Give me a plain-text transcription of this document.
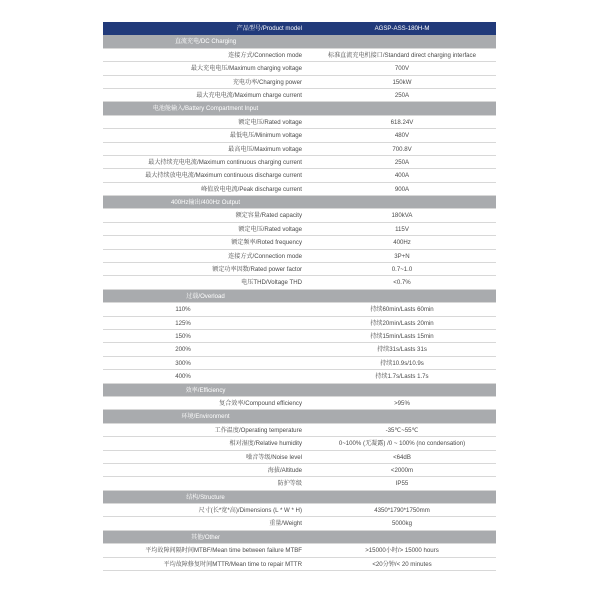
产品型号/Product model	AGSP-ASS-180H-M
直流充电/DC Charging
连接方式/Connection mode	标准直流充电机接口/Standard direct charging interface
最大充电电压/Maximum charging voltage	700V
充电功率/Charging power	150kW
最大充电电流/Maximum charge current	250A
电池舱输入/Battery Compartment Input
额定电压/Rated voltage	618.24V
最低电压/Minimum voltage	480V
最高电压/Maximum voltage	700.8V
最大持续充电电流/Maximum continuous charging current	250A
最大持续放电电流/Maximum continuous discharge current	400A
峰值放电电流/Peak discharge current	900A
400Hz输出/400Hz Output
额定容量/Rated capacity	180kVA
额定电压/Rated voltage	115V
额定频率/Roted frequency	400Hz
连接方式/Connection mode	3P+N
额定功率因数/Rated power factor	0.7~1.0
电压THD/Voltage THD	<0.7%
过载/Overload
110%	持续60min/Lasts 60min
125%	持续20min/Lasts 20min
150%	持续15min/Lasts 15min
200%	持续31s/Lasts 31s
300%	持续10.9s/10.9s
400%	持续1.7s/Lasts 1.7s
效率/Efficiency
复合效率/Compound efficiency	>95%
环境/Environment
工作温度/Operating temperature	-35℃~55℃
相对湿度/Relative humidity	0~100% (无凝露) /0 ~ 100% (no condensation)
噪音等级/Noise level	<64dB
海拔/Altitude	<2000m
防护等级	IP55
结构/Structure
尺寸(长*宽*高)/Dimensions (L * W * H)	4350*1790*1750mm
重量/Weight	5000kg
其他/Other
平均故障间隔时间MTBF/Mean time between failure MTBF	>15000小时/> 15000 hours
平均故障修复时间MTTR/Mean time to repair MTTR	<20分钟/< 20 minutes
